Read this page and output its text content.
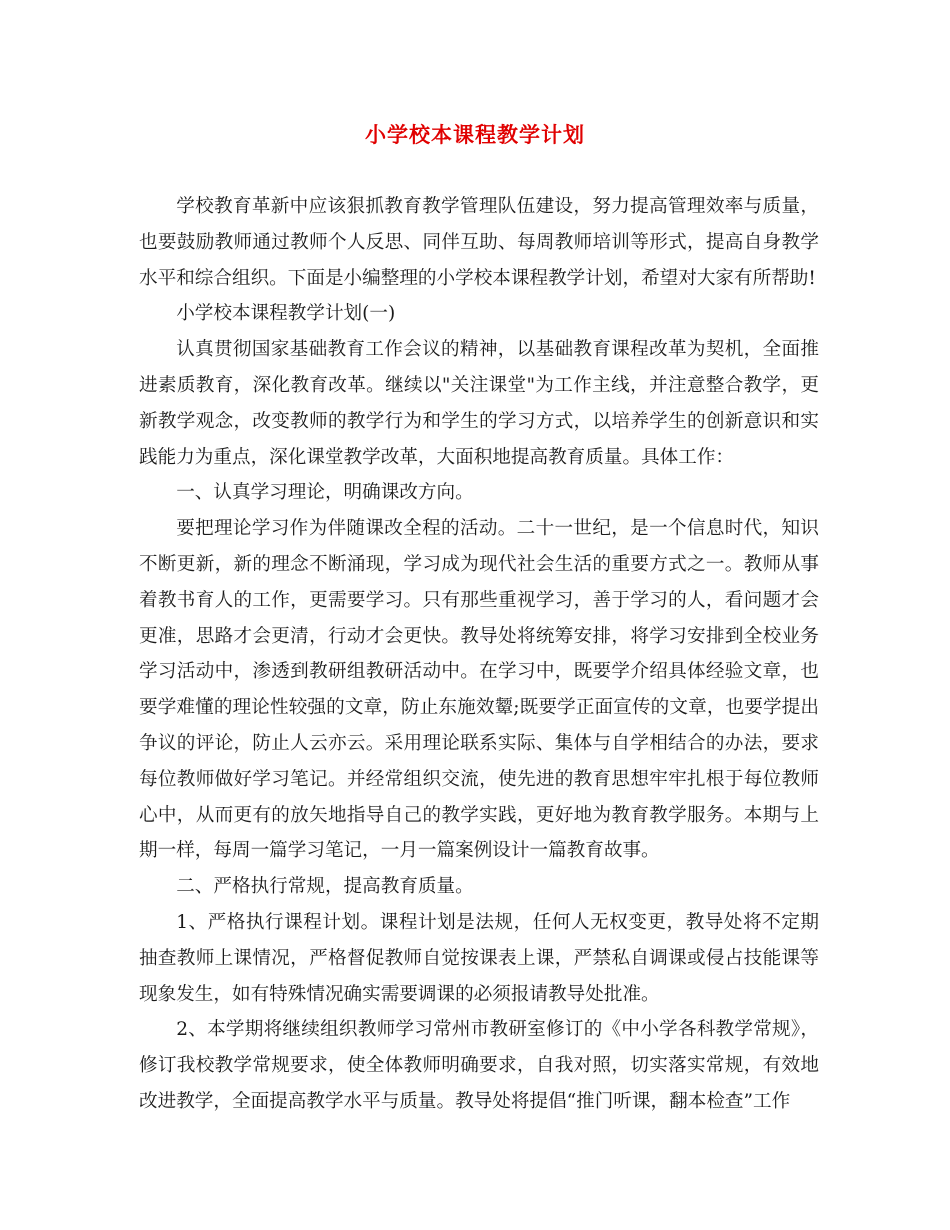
小学校本课程教学计划

学校教育革新中应该狠抓教育教学管理队伍建设，努力提高管理效率与质量，也要鼓励教师通过教师个人反思、同伴互助、每周教师培训等形式，提高自身教学水平和综合组织。下面是小编整理的小学校本课程教学计划，希望对大家有所帮助!

小学校本课程教学计划(一)

认真贯彻国家基础教育工作会议的精神，以基础教育课程改革为契机，全面推进素质教育，深化教育改革。继续以"关注课堂"为工作主线，并注意整合教学，更新教学观念，改变教师的教学行为和学生的学习方式，以培养学生的创新意识和实践能力为重点，深化课堂教学改革，大面积地提高教育质量。具体工作：

一、认真学习理论，明确课改方向。

要把理论学习作为伴随课改全程的活动。二十一世纪，是一个信息时代，知识不断更新，新的理念不断涌现，学习成为现代社会生活的重要方式之一。教师从事着教书育人的工作，更需要学习。只有那些重视学习，善于学习的人，看问题才会更准，思路才会更清，行动才会更快。教导处将统筹安排，将学习安排到全校业务学习活动中，渗透到教研组教研活动中。在学习中，既要学介绍具体经验文章，也要学难懂的理论性较强的文章，防止东施效颦;既要学正面宣传的文章，也要学提出争议的评论，防止人云亦云。采用理论联系实际、集体与自学相结合的办法，要求每位教师做好学习笔记。并经常组织交流，使先进的教育思想牢牢扎根于每位教师心中，从而更有的放矢地指导自己的教学实践，更好地为教育教学服务。本期与上期一样，每周一篇学习笔记，一月一篇案例设计一篇教育故事。

二、严格执行常规，提高教育质量。

1、严格执行课程计划。课程计划是法规，任何人无权变更，教导处将不定期抽查教师上课情况，严格督促教师自觉按课表上课，严禁私自调课或侵占技能课等现象发生，如有特殊情况确实需要调课的必须报请教导处批准。

2、本学期将继续组织教师学习常州市教研室修订的《中小学各科教学常规》，修订我校教学常规要求，使全体教师明确要求，自我对照，切实落实常规，有效地改进教学，全面提高教学水平与质量。教导处将提倡“推门听课，翻本检查”工作
